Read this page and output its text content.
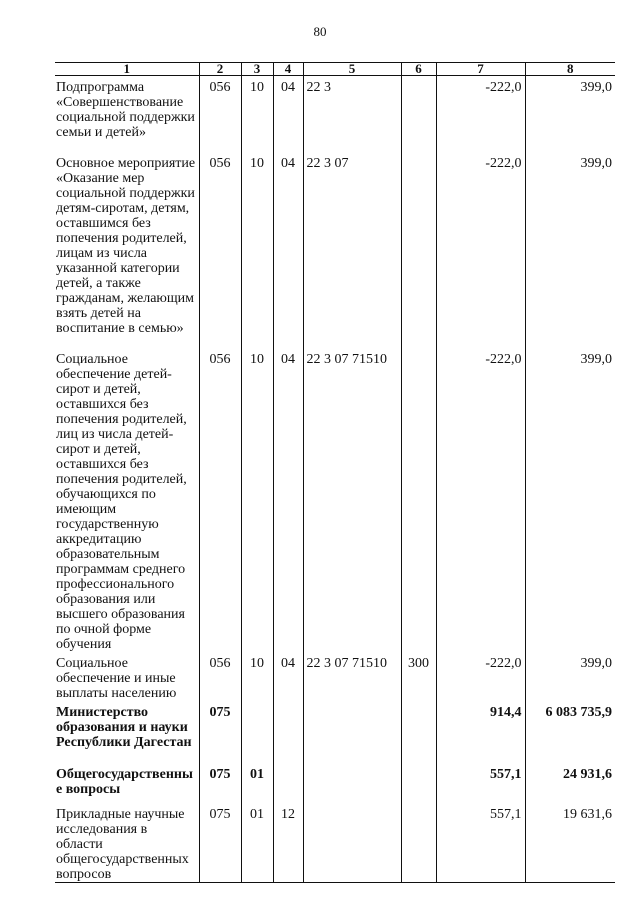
80
1	2	3	4	5	6	7	8
Подпрограмма «Совершенствование социальной поддержки семьи и детей»	056	10	04	22 3		-222,0	399,0
Основное мероприятие «Оказание мер социальной поддержки детям-сиротам, детям, оставшимся без попечения родителей, лицам из числа указанной категории детей, а также гражданам, желающим взять детей на воспитание в семью»	056	10	04	22 3 07		-222,0	399,0
Социальное обеспечение детей-сирот и детей, оставшихся без попечения родителей, лиц из числа детей-сирот и детей, оставшихся без попечения родителей, обучающихся по имеющим государственную аккредитацию образовательным программам среднего профессионального образования или высшего образования по очной форме обучения	056	10	04	22 3 07 71510		-222,0	399,0
Социальное обеспечение и иные выплаты населению	056	10	04	22 3 07 71510	300	-222,0	399,0
Министерство образования и науки Республики Дагестан	075					914,4	6 083 735,9
Общегосударственные вопросы	075	01				557,1	24 931,6
Прикладные научные исследования в области общегосударственных вопросов	075	01	12			557,1	19 631,6
